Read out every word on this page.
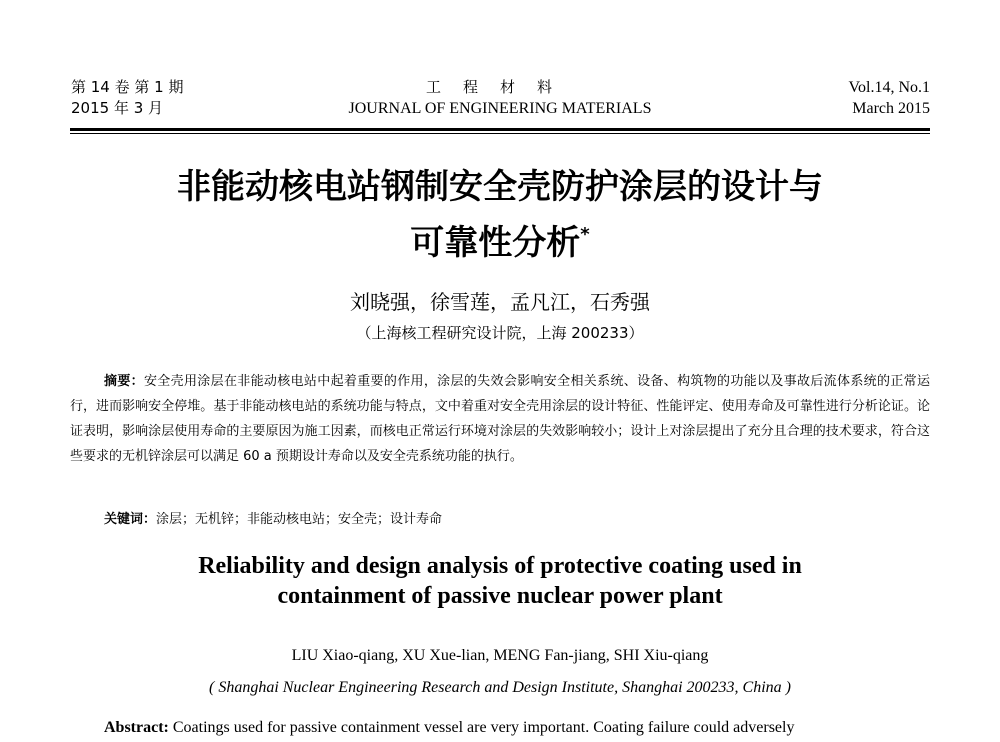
第 14 卷 第 1 期
2015 年 3 月
工程材料
JOURNAL OF ENGINEERING MATERIALS
Vol.14, No.1
March 2015
非能动核电站钢制安全壳防护涂层的设计与
可靠性分析*
刘晓强，徐雪莲，孟凡江，石秀强
（上海核工程研究设计院，上海 200233）
摘要：安全壳用涂层在非能动核电站中起着重要的作用，涂层的失效会影响安全相关系统、设备、构筑物的功能以及事故后流体系统的正常运行，进而影响安全停堆。基于非能动核电站的系统功能与特点，文中着重对安全壳用涂层的设计特征、性能评定、使用寿命及可靠性进行分析论证。论证表明，影响涂层使用寿命的主要原因为施工因素，而核电正常运行环境对涂层的失效影响较小；设计上对涂层提出了充分且合理的技术要求，符合这些要求的无机锌涂层可以满足 60 a 预期设计寿命以及安全壳系统功能的执行。
关键词：涂层；无机锌；非能动核电站；安全壳；设计寿命
Reliability and design analysis of protective coating used in
containment of passive nuclear power plant
LIU Xiao-qiang, XU Xue-lian, MENG Fan-jiang, SHI Xiu-qiang
( Shanghai Nuclear Engineering Research and Design Institute, Shanghai 200233, China )
Abstract: Coatings used for passive containment vessel are very important. Coating failure could adversely
